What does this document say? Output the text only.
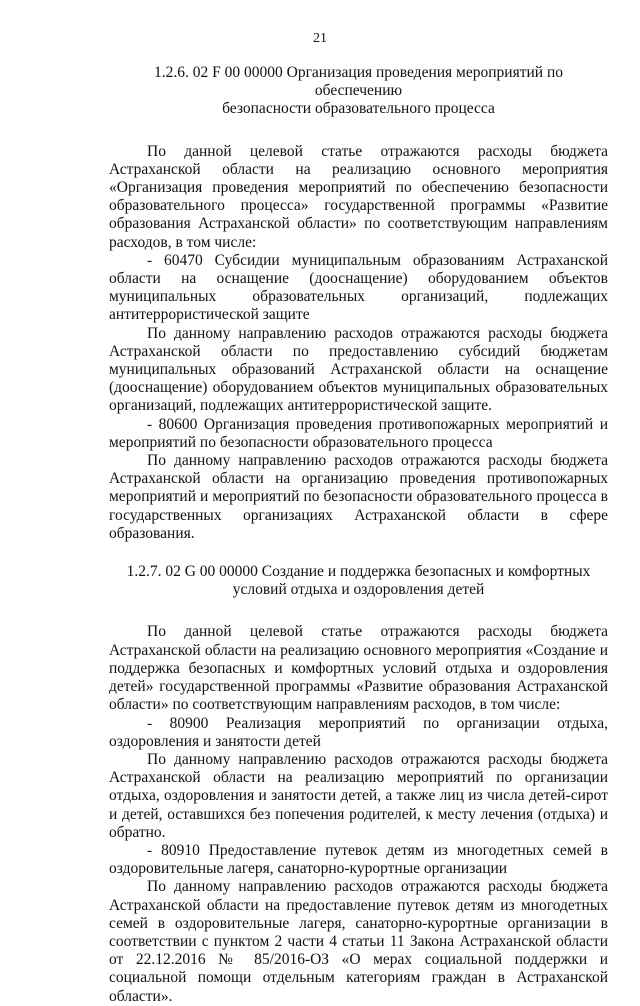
21
1.2.6. 02 F 00 00000 Организация проведения мероприятий по обеспечению
безопасности образовательного процесса

По данной целевой статье отражаются расходы бюджета Астраханской области на реализацию основного мероприятия «Организация проведения мероприятий по обеспечению безопасности образовательного процесса» государственной программы «Развитие образования Астраханской области» по соответствующим направлениям расходов, в том числе:

- 60470 Субсидии муниципальным образованиям Астраханской области на оснащение (дооснащение) оборудованием объектов муниципальных образовательных организаций, подлежащих антитеррористической защите

По данному направлению расходов отражаются расходы бюджета Астраханской области по предоставлению субсидий бюджетам муниципальных образований Астраханской области на оснащение (дооснащение) оборудованием объектов муниципальных образовательных организаций, подлежащих антитеррористической защите.

- 80600 Организация проведения противопожарных мероприятий и мероприятий по безопасности образовательного процесса

По данному направлению расходов отражаются расходы бюджета Астраханской области на организацию проведения противопожарных мероприятий и мероприятий по безопасности образовательного процесса в государственных организациях Астраханской области в сфере образования.

1.2.7. 02 G 00 00000 Создание и поддержка безопасных и комфортных
условий отдыха и оздоровления детей

По данной целевой статье отражаются расходы бюджета Астраханской области на реализацию основного мероприятия «Создание и поддержка безопасных и комфортных условий отдыха и оздоровления детей» государственной программы «Развитие образования Астраханской области» по соответствующим направлениям расходов, в том числе:

- 80900 Реализация мероприятий по организации отдыха, оздоровления и занятости детей

По данному направлению расходов отражаются расходы бюджета Астраханской области на реализацию мероприятий по организации отдыха, оздоровления и занятости детей, а также лиц из числа детей-сирот и детей, оставшихся без попечения родителей, к месту лечения (отдыха) и обратно.

- 80910 Предоставление путевок детям из многодетных семей в оздоровительные лагеря, санаторно-курортные организации

По данному направлению расходов отражаются расходы бюджета Астраханской области на предоставление путевок детям из многодетных семей в оздоровительные лагеря, санаторно-курортные организации в соответствии с пунктом 2 части 4 статьи 11 Закона Астраханской области от 22.12.2016 № 85/2016-ОЗ «О мерах социальной поддержки и социальной помощи отдельным категориям граждан в Астраханской области».
